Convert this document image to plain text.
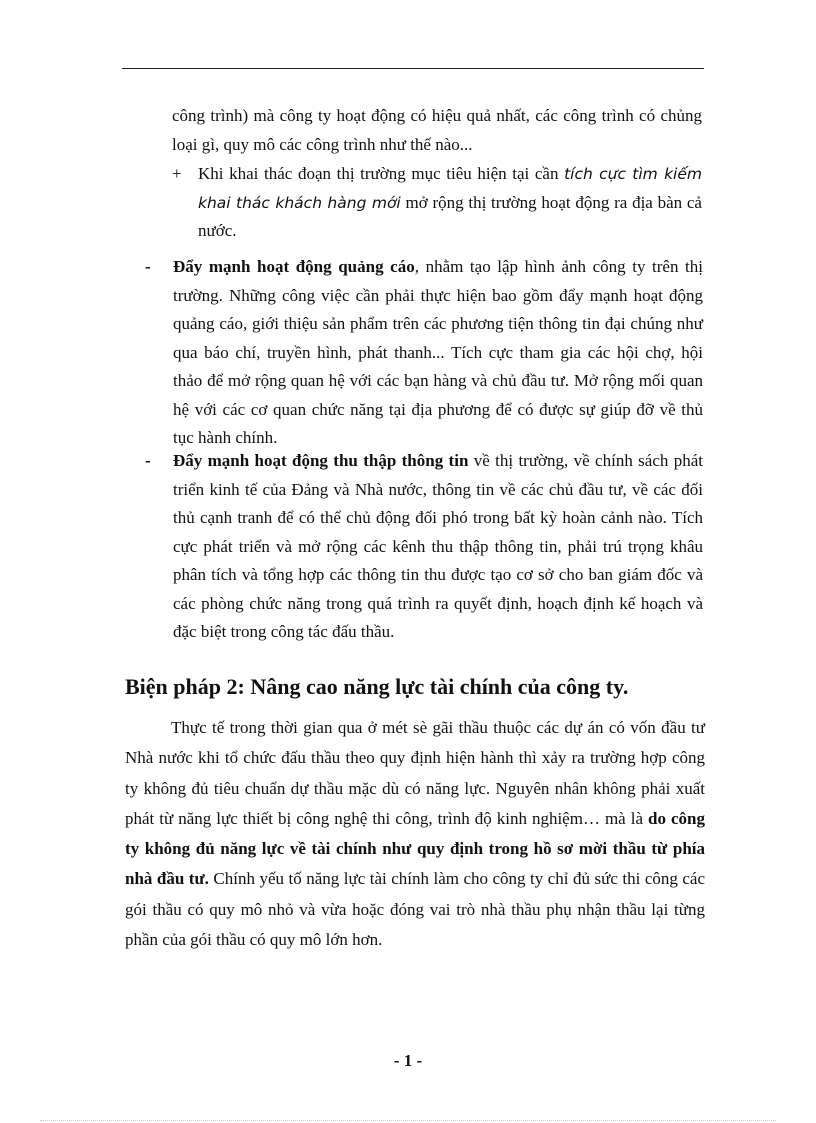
công trình) mà công ty hoạt động có hiệu quả nhất, các công trình có chủng loại gì, quy mô các công trình như thế nào...
+ Khi khai thác đoạn thị trường mục tiêu hiện tại cần tích cực tìm kiếm khai thác khách hàng mới mở rộng thị trường hoạt động ra địa bàn cả nước.
- Đẩy mạnh hoạt động quảng cáo, nhằm tạo lập hình ảnh công ty trên thị trường. Những công việc cần phải thực hiện bao gồm đẩy mạnh hoạt động quảng cáo, giới thiệu sản phẩm trên các phương tiện thông tin đại chúng như qua báo chí, truyền hình, phát thanh... Tích cực tham gia các hội chợ, hội thảo để mở rộng quan hệ với các bạn hàng và chủ đầu tư. Mở rộng mối quan hệ với các cơ quan chức năng tại địa phương để có được sự giúp đỡ về thủ tục hành chính.
- Đẩy mạnh hoạt động thu thập thông tin về thị trường, về chính sách phát triển kinh tế của Đảng và Nhà nước, thông tin về các chủ đầu tư, về các đối thủ cạnh tranh để có thể chủ động đối phó trong bất kỳ hoàn cảnh nào. Tích cực phát triển và mở rộng các kênh thu thập thông tin, phải trú trọng khâu phân tích và tổng hợp các thông tin thu được tạo cơ sở cho ban giám đốc và các phòng chức năng trong quá trình ra quyết định, hoạch định kế hoạch và đặc biệt trong công tác đấu thầu.
Biện pháp 2: Nâng cao năng lực tài chính của công ty.
Thực tế trong thời gian qua ở mét sè gãi thầu thuộc các dự án có vốn đầu tư Nhà nước khi tổ chức đấu thầu theo quy định hiện hành thì xảy ra trường hợp công ty không đủ tiêu chuẩn dự thầu mặc dù có năng lực. Nguyên nhân không phải xuất phát từ năng lực thiết bị công nghệ thi công, trình độ kinh nghiệm… mà là do công ty không đủ năng lực về tài chính như quy định trong hồ sơ mời thầu từ phía nhà đầu tư. Chính yếu tố năng lực tài chính làm cho công ty chỉ đủ sức thi công các gói thầu có quy mô nhỏ và vừa hoặc đóng vai trò nhà thầu phụ nhận thầu lại từng phần của gói thầu có quy mô lớn hơn.
- 1 -
